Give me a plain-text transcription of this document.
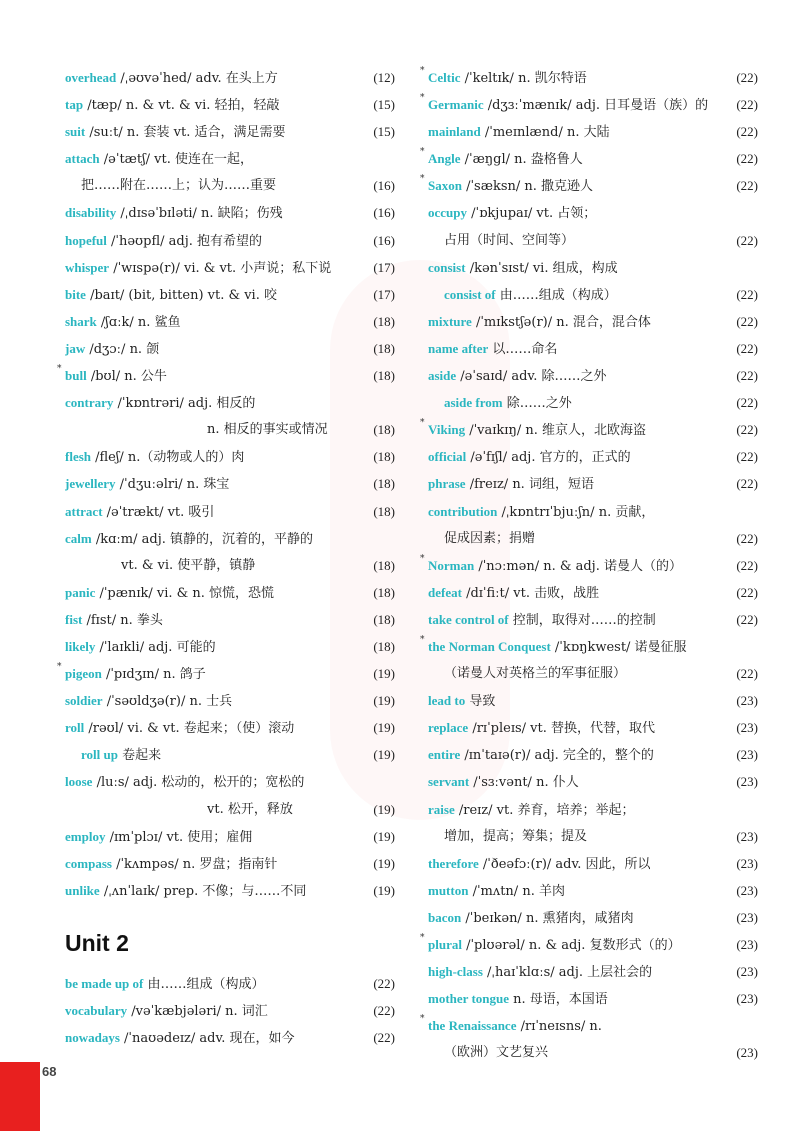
overhead /ˌəʊvəˈhed/ adv. 在头上方	(12)
tap /tæp/ n. & vt. & vi. 轻拍，轻敲	(15)
suit /suːt/ n. 套装 vt. 适合，满足需要	(15)
attach /əˈtætʃ/ vt. 使连在一起，
把……附在……上；认为……重要	(16)
disability /ˌdɪsəˈbɪləti/ n. 缺陷；伤残	(16)
hopeful /ˈhəʊpfl/ adj. 抱有希望的	(16)
whisper /ˈwɪspə(r)/ vi. & vt. 小声说；私下说	(17)
bite /baɪt/ (bit, bitten) vt. & vi. 咬	(17)
shark /ʃɑːk/ n. 鲨鱼	(18)
jaw /dʒɔː/ n. 颌	(18)
* bull /bʊl/ n. 公牛	(18)
contrary /ˈkɒntrəri/ adj. 相反的
n. 相反的事实或情况	(18)
flesh /fleʃ/ n.（动物或人的）肉	(18)
jewellery /ˈdʒuːəlri/ n. 珠宝	(18)
attract /əˈtrækt/ vt. 吸引	(18)
calm /kɑːm/ adj. 镇静的，沉着的，平静的
vt. & vi. 使平静，镇静	(18)
panic /ˈpænɪk/ vi. & n. 惊慌，恐慌	(18)
fist /fɪst/ n. 拳头	(18)
likely /ˈlaɪkli/ adj. 可能的	(18)
* pigeon /ˈpɪdʒɪn/ n. 鸽子	(19)
soldier /ˈsəʊldʒə(r)/ n. 士兵	(19)
roll /rəʊl/ vi. & vt. 卷起来；（使）滚动	(19)
roll up 卷起来	(19)
loose /luːs/ adj. 松动的，松开的；宽松的
vt. 松开，释放	(19)
employ /ɪmˈplɔɪ/ vt. 使用；雇佣	(19)
compass /ˈkʌmpəs/ n. 罗盘；指南针	(19)
unlike /ˌʌnˈlaɪk/ prep. 不像；与……不同	(19)
Unit 2
be made up of 由……组成（构成）	(22)
vocabulary /vəˈkæbjələri/ n. 词汇	(22)
nowadays /ˈnaʊədeɪz/ adv. 现在，如今	(22)
* Celtic /ˈkeltɪk/ n. 凯尔特语	(22)
* Germanic /dʒɜːˈmænɪk/ adj. 日耳曼语（族）的	(22)
mainland /ˈmeɪnlænd/ n. 大陆	(22)
* Angle /ˈæŋgl/ n. 盎格鲁人	(22)
* Saxon /ˈsæksn/ n. 撒克逊人	(22)
occupy /ˈɒkjupaɪ/ vt. 占领；
占用（时间、空间等）	(22)
consist /kənˈsɪst/ vi. 组成，构成
consist of 由……组成（构成）	(22)
mixture /ˈmɪkstʃə(r)/ n. 混合，混合体	(22)
name after 以……命名	(22)
aside /əˈsaɪd/ adv. 除……之外	(22)
aside from 除……之外	(22)
* Viking /ˈvaɪkɪŋ/ n. 维京人，北欧海盗	(22)
official /əˈfɪʃl/ adj. 官方的，正式的	(22)
phrase /freɪz/ n. 词组，短语	(22)
contribution /ˌkɒntrɪˈbjuːʃn/ n. 贡献，
促成因素；捐赠	(22)
* Norman /ˈnɔːmən/ n. & adj. 诺曼人（的）	(22)
defeat /dɪˈfiːt/ vt. 击败，战胜	(22)
take control of 控制，取得对……的控制	(22)
* the Norman Conquest /ˈkɒŋkwest/ 诺曼征服
（诺曼人对英格兰的军事征服）	(22)
lead to 导致	(23)
replace /rɪˈpleɪs/ vt. 替换，代替，取代	(23)
entire /ɪnˈtaɪə(r)/ adj. 完全的，整个的	(23)
servant /ˈsɜːvənt/ n. 仆人	(23)
raise /reɪz/ vt. 养育，培养；举起；
增加，提高；筹集；提及	(23)
therefore /ˈðeəfɔː(r)/ adv. 因此，所以	(23)
mutton /ˈmʌtn/ n. 羊肉	(23)
bacon /ˈbeɪkən/ n. 熏猪肉，咸猪肉	(23)
* plural /ˈplʊərəl/ n. & adj. 复数形式（的）	(23)
high-class /ˌhaɪˈklɑːs/ adj. 上层社会的	(23)
mother tongue n. 母语，本国语	(23)
* the Renaissance /rɪˈneɪsns/ n.
（欧洲）文艺复兴	(23)
68
